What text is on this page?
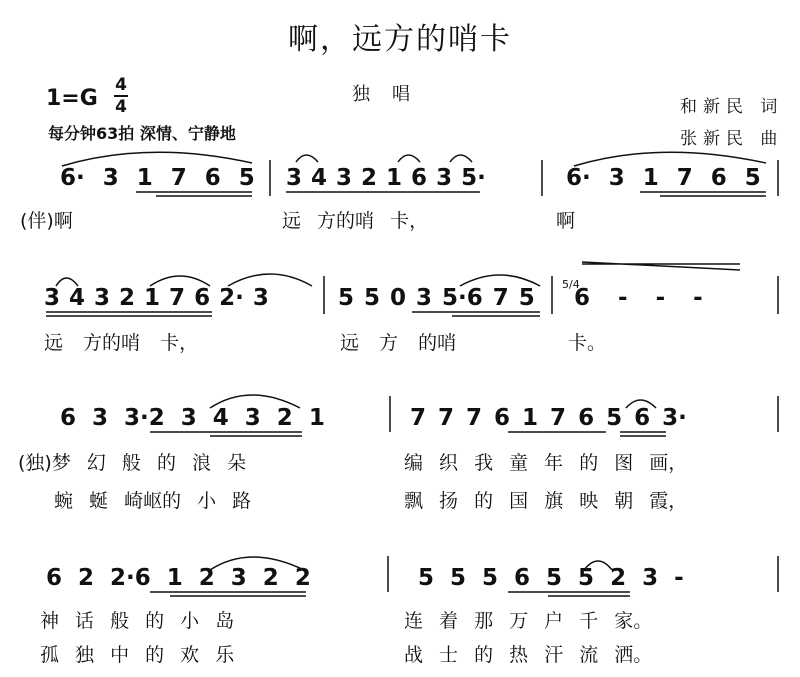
啊，远方的哨卡
1=G
4
4
独唱
每分钟63拍 深情、宁静地
和新民 词
张新民 曲
6· 3 1 7 6 5 3 4 3 2 1 6 3 5·	6· 3 1 7 6 5
(伴)啊	远 方的哨 卡，	啊
3 4 3 2 1 7 6 2· 3	5 5 0 3 5·6 7 5
5/4
6 - - -
远 方的哨 卡，	远 方 的哨	卡。
6 3 3·2 3 4 3 2 1	7 7 7 6 1 7 6 5 6 3·
(独)梦 幻 般 的 浪 朵	编 织 我 童 年 的 图 画，
蜿 蜒 崎岖的 小 路	飘 扬 的 国 旗 映 朝 霞，
6 2 2·6 1 2 3 2 2	5 5 5 6 5 5 2 3 -
神 话 般 的 小 岛	连 着 那 万 户 千 家。
孤 独 中 的 欢 乐	战 士 的 热 汗 流 洒。
